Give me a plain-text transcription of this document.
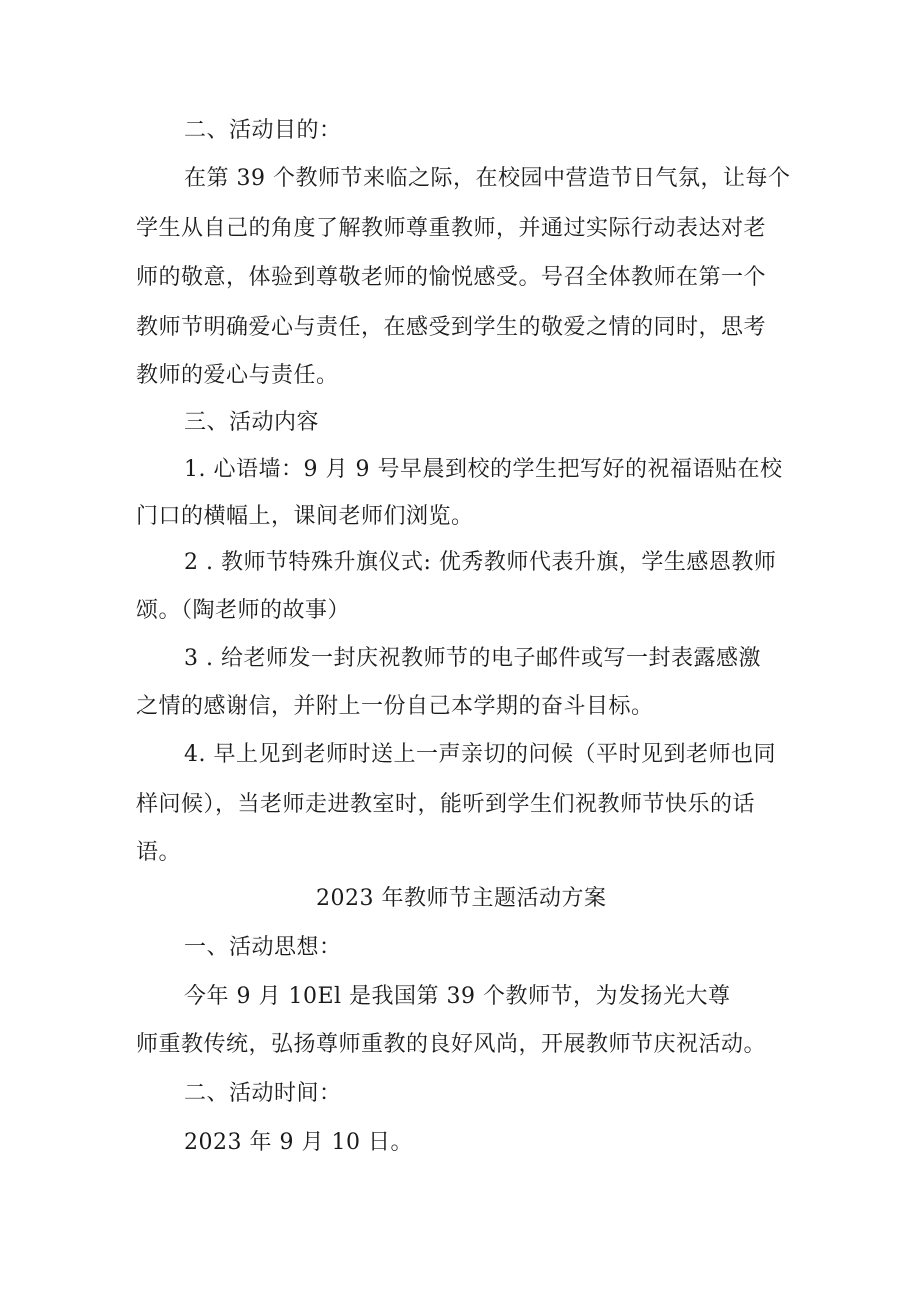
二、活动目的：
在第 39 个教师节来临之际，在校园中营造节日气氛，让每个
学生从自己的角度了解教师尊重教师，并通过实际行动表达对老
师的敬意，体验到尊敬老师的愉悦感受。号召全体教师在第一个
教师节明确爱心与责任，在感受到学生的敬爱之情的同时，思考
教师的爱心与责任。
三、活动内容
1. 心语墙：9 月 9 号早晨到校的学生把写好的祝福语贴在校
门口的横幅上，课间老师们浏览。
2 . 教师节特殊升旗仪式: 优秀教师代表升旗，学生感恩教师
颂。（陶老师的故事）
3 . 给老师发一封庆祝教师节的电子邮件或写一封表露感激
之情的感谢信，并附上一份自己本学期的奋斗目标。
4. 早上见到老师时送上一声亲切的问候（平时见到老师也同
样问候），当老师走进教室时，能听到学生们祝教师节快乐的话
语。
2023 年教师节主题活动方案
一、活动思想：
今年 9 月 10El 是我国第 39 个教师节，为发扬光大尊
师重教传统，弘扬尊师重教的良好风尚，开展教师节庆祝活动。
二、活动时间：
2023 年 9 月 10 日。
